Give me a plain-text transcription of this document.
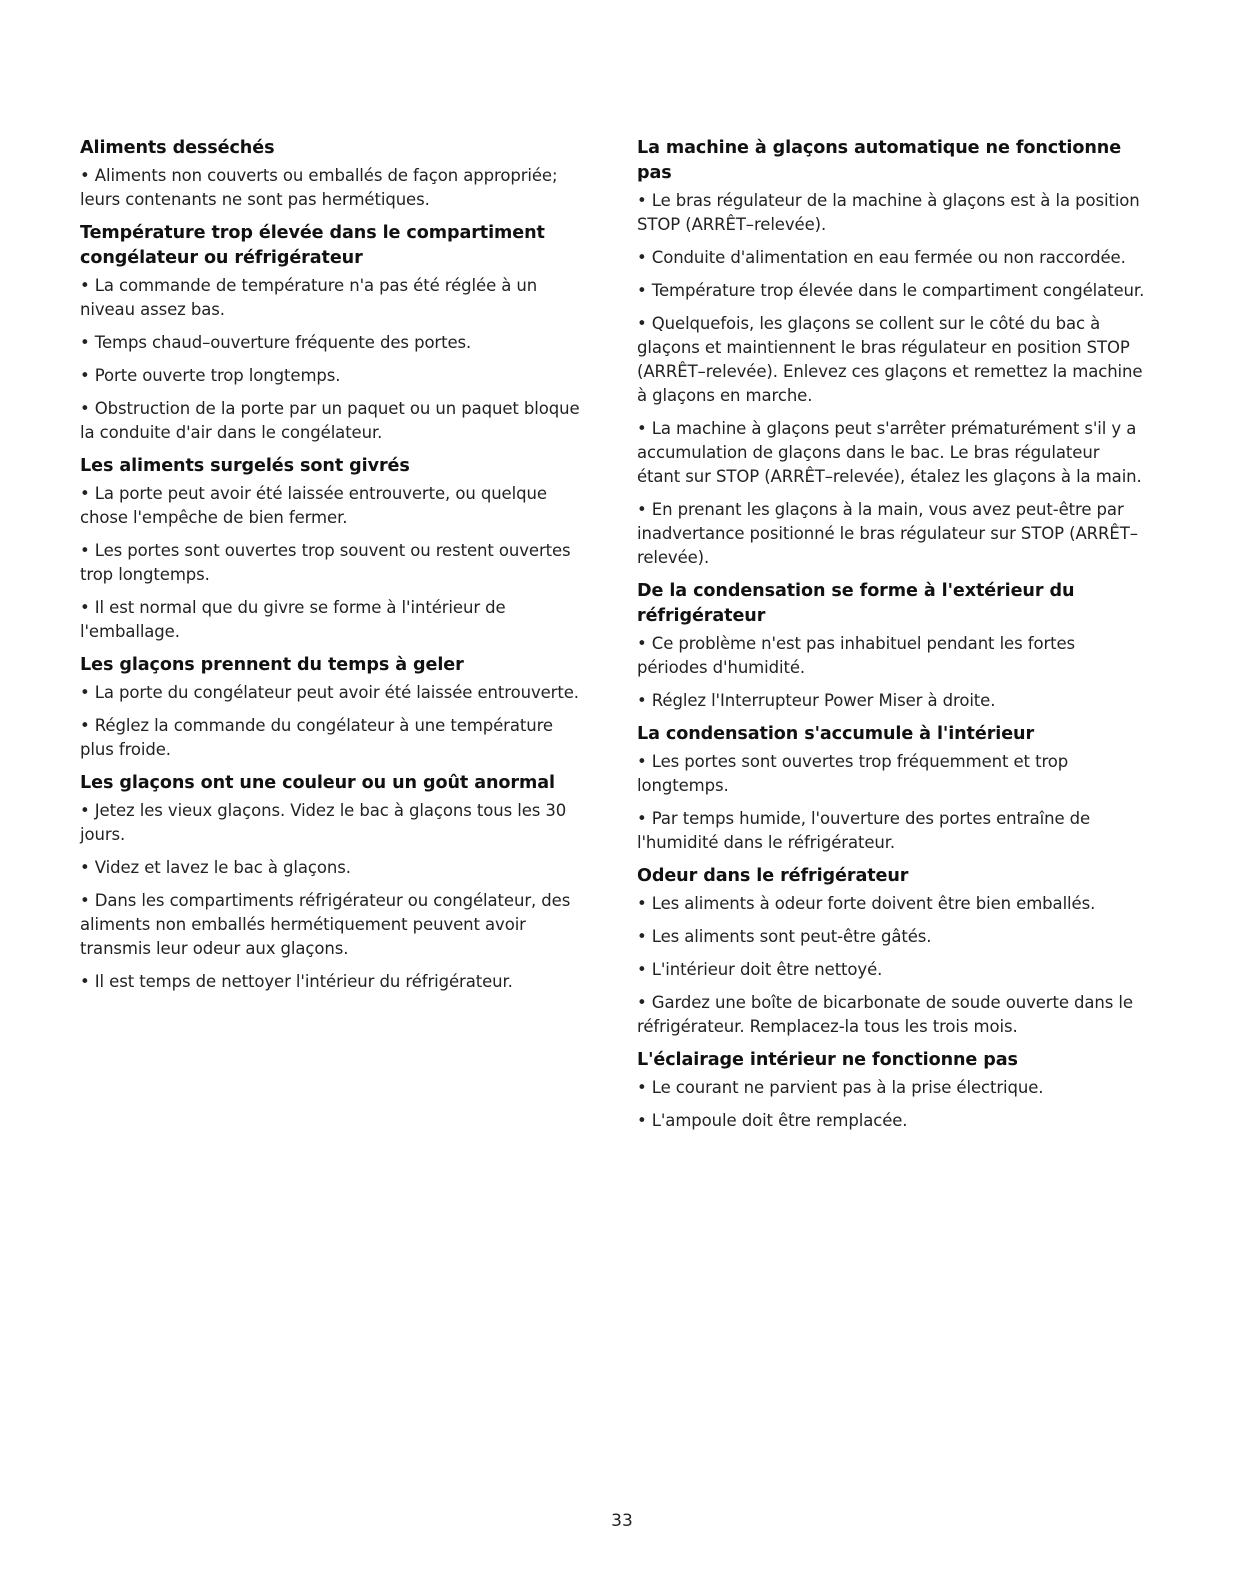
Aliments desséchés
• Aliments non couverts ou emballés de façon appropriée; leurs contenants ne sont pas hermétiques.
Température trop élevée dans le compartiment congélateur ou réfrigérateur
• La commande de température n'a pas été réglée à un niveau assez bas.
• Temps chaud–ouverture fréquente des portes.
• Porte ouverte trop longtemps.
• Obstruction de la porte par un paquet ou un paquet bloque la conduite d'air dans le congélateur.
Les aliments surgelés sont givrés
• La porte peut avoir été laissée entrouverte, ou quelque chose l'empêche de bien fermer.
• Les portes sont ouvertes trop souvent ou restent ouvertes trop longtemps.
• Il est normal que du givre se forme à l'intérieur de l'emballage.
Les glaçons prennent du temps à geler
• La porte du congélateur peut avoir été laissée entrouverte.
• Réglez la commande du congélateur à une température plus froide.
Les glaçons ont une couleur ou un goût anormal
• Jetez les vieux glaçons. Videz le bac à glaçons tous les 30 jours.
• Videz et lavez le bac à glaçons.
• Dans les compartiments réfrigérateur ou congélateur, des aliments non emballés hermétiquement peuvent avoir transmis leur odeur aux glaçons.
• Il est temps de nettoyer l'intérieur du réfrigérateur.
La machine à glaçons automatique ne fonctionne pas
• Le bras régulateur de la machine à glaçons est à la position STOP (ARRÊT–relevée).
• Conduite d'alimentation en eau fermée ou non raccordée.
• Température trop élevée dans le compartiment congélateur.
• Quelquefois, les glaçons se collent sur le côté du bac à glaçons et maintiennent le bras régulateur en position STOP (ARRÊT–relevée). Enlevez ces glaçons et remettez la machine à glaçons en marche.
• La machine à glaçons peut s'arrêter prématurément s'il y a accumulation de glaçons dans le bac. Le bras régulateur étant sur STOP (ARRÊT–relevée), étalez les glaçons à la main.
• En prenant les glaçons à la main, vous avez peut-être par inadvertance positionné le bras régulateur sur STOP (ARRÊT–relevée).
De la condensation se forme à l'extérieur du réfrigérateur
• Ce problème n'est pas inhabituel pendant les fortes périodes d'humidité.
• Réglez l'Interrupteur Power Miser à droite.
La condensation s'accumule à l'intérieur
• Les portes sont ouvertes trop fréquemment et trop longtemps.
• Par temps humide, l'ouverture des portes entraîne de l'humidité dans le réfrigérateur.
Odeur dans le réfrigérateur
• Les aliments à odeur forte doivent être bien emballés.
• Les aliments sont peut-être gâtés.
• L'intérieur doit être nettoyé.
• Gardez une boîte de bicarbonate de soude ouverte dans le réfrigérateur. Remplacez-la tous les trois mois.
L'éclairage intérieur ne fonctionne pas
• Le courant ne parvient pas à la prise électrique.
• L'ampoule doit être remplacée.
33
